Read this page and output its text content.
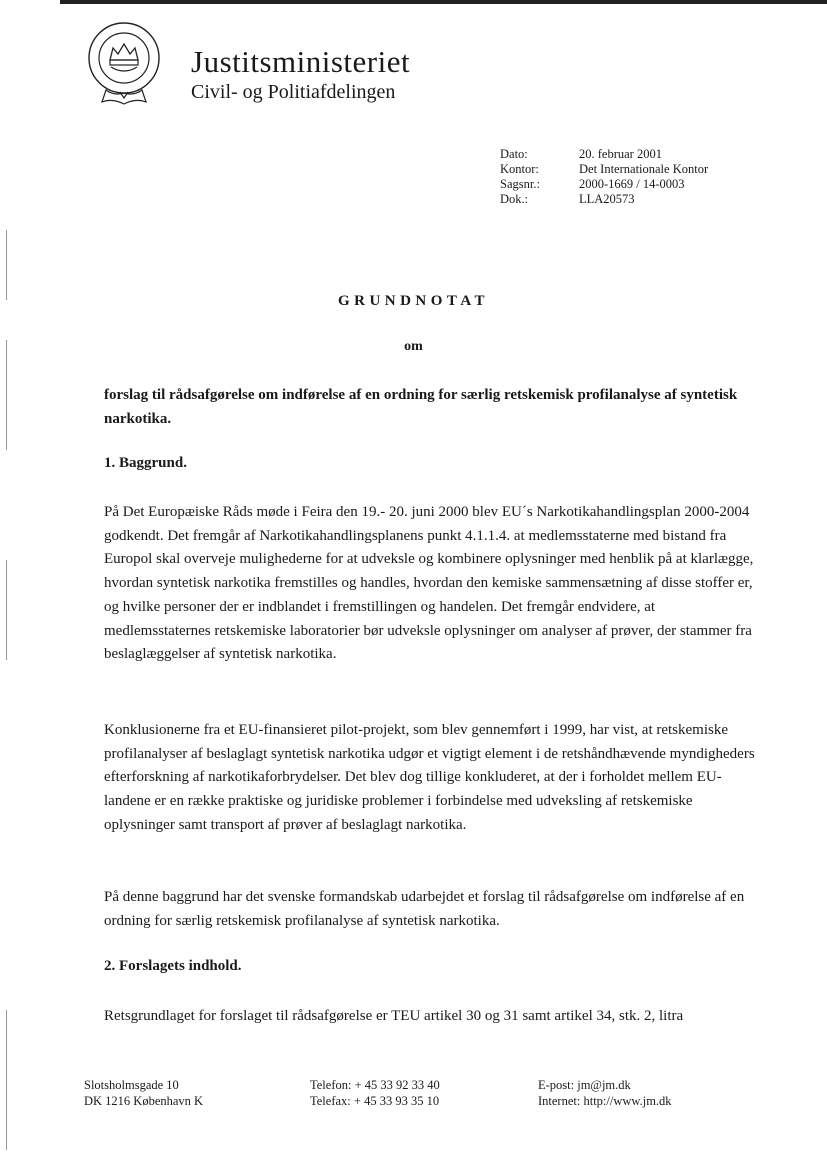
Justitsministeriet
Civil- og Politiafdelingen
Dato:	20. februar 2001
Kontor:	Det Internationale Kontor
Sagsnr.:	2000-1669 / 14-0003
Dok.:	LLA20573
GRUNDNOTAT
om
forslag til rådsafgørelse om indførelse af en ordning for særlig retskemisk profilanalyse af syntetisk narkotika.
1. Baggrund.

På Det Europæiske Råds møde i Feira den 19.- 20. juni 2000 blev EU´s Narkotikahandlingsplan 2000-2004 godkendt. Det fremgår af Narkotikahandlingsplanens punkt 4.1.1.4. at medlemsstaterne med bistand fra Europol skal overveje mulighederne for at udveksle og kombinere oplysninger med henblik på at klarlægge, hvordan syntetisk narkotika fremstilles og handles, hvordan den kemiske sammensætning af disse stoffer er, og hvilke personer der er indblandet i fremstillingen og handelen. Det fremgår endvidere, at medlemsstaternes retskemiske laboratorier bør udveksle oplysninger om analyser af prøver, der stammer fra beslaglæggelser af syntetisk narkotika.

Konklusionerne fra et EU-finansieret pilot-projekt, som blev gennemført i 1999, har vist, at retskemiske profilanalyser af beslaglagt syntetisk narkotika udgør et vigtigt element i de retshåndhævende myndigheders efterforskning af narkotikaforbrydelser. Det blev dog tillige konkluderet, at der i forholdet mellem EU-landene er en række praktiske og juridiske problemer i forbindelse med udveksling af retskemiske oplysninger samt transport af prøver af beslaglagt narkotika.

På denne baggrund har det svenske formandskab udarbejdet et forslag til rådsafgørelse om indførelse af en ordning for særlig retskemisk profilanalyse af syntetisk narkotika.

2. Forslagets indhold.

Retsgrundlaget for forslaget til rådsafgørelse er TEU artikel 30 og 31 samt artikel 34, stk. 2, litra

Slotsholmsgade 10
DK 1216 København K
Telefon: + 45 33 92 33 40
Telefax: + 45 33 93 35 10
E-post: jm@jm.dk
Internet: http://www.jm.dk
